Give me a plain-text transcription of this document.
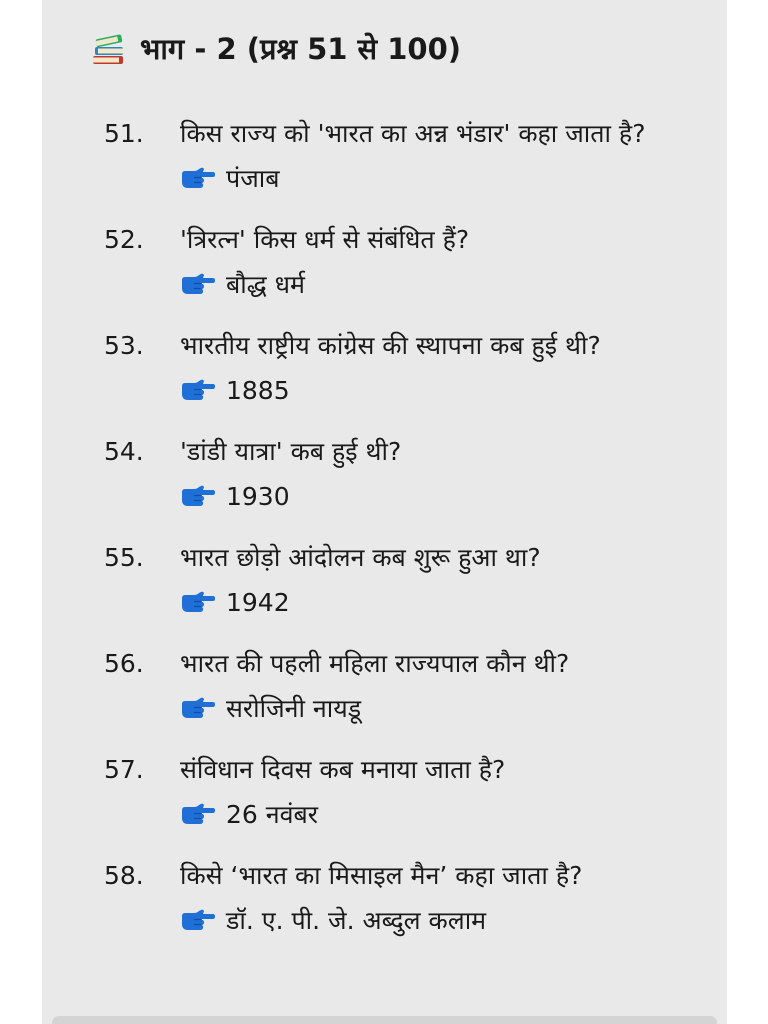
भाग - 2 (प्रश्न 51 से 100)
51.	किस राज्य को 'भारत का अन्न भंडार' कहा जाता है?
पंजाब
52.	'त्रिरत्न' किस धर्म से संबंधित हैं?
बौद्ध धर्म
53.	भारतीय राष्ट्रीय कांग्रेस की स्थापना कब हुई थी?
1885
54.	'डांडी यात्रा' कब हुई थी?
1930
55.	भारत छोड़ो आंदोलन कब शुरू हुआ था?
1942
56.	भारत की पहली महिला राज्यपाल कौन थी?
सरोजिनी नायडू
57.	संविधान दिवस कब मनाया जाता है?
26 नवंबर
58.	किसे ‘भारत का मिसाइल मैन’ कहा जाता है?
डॉ. ए. पी. जे. अब्दुल कलाम
